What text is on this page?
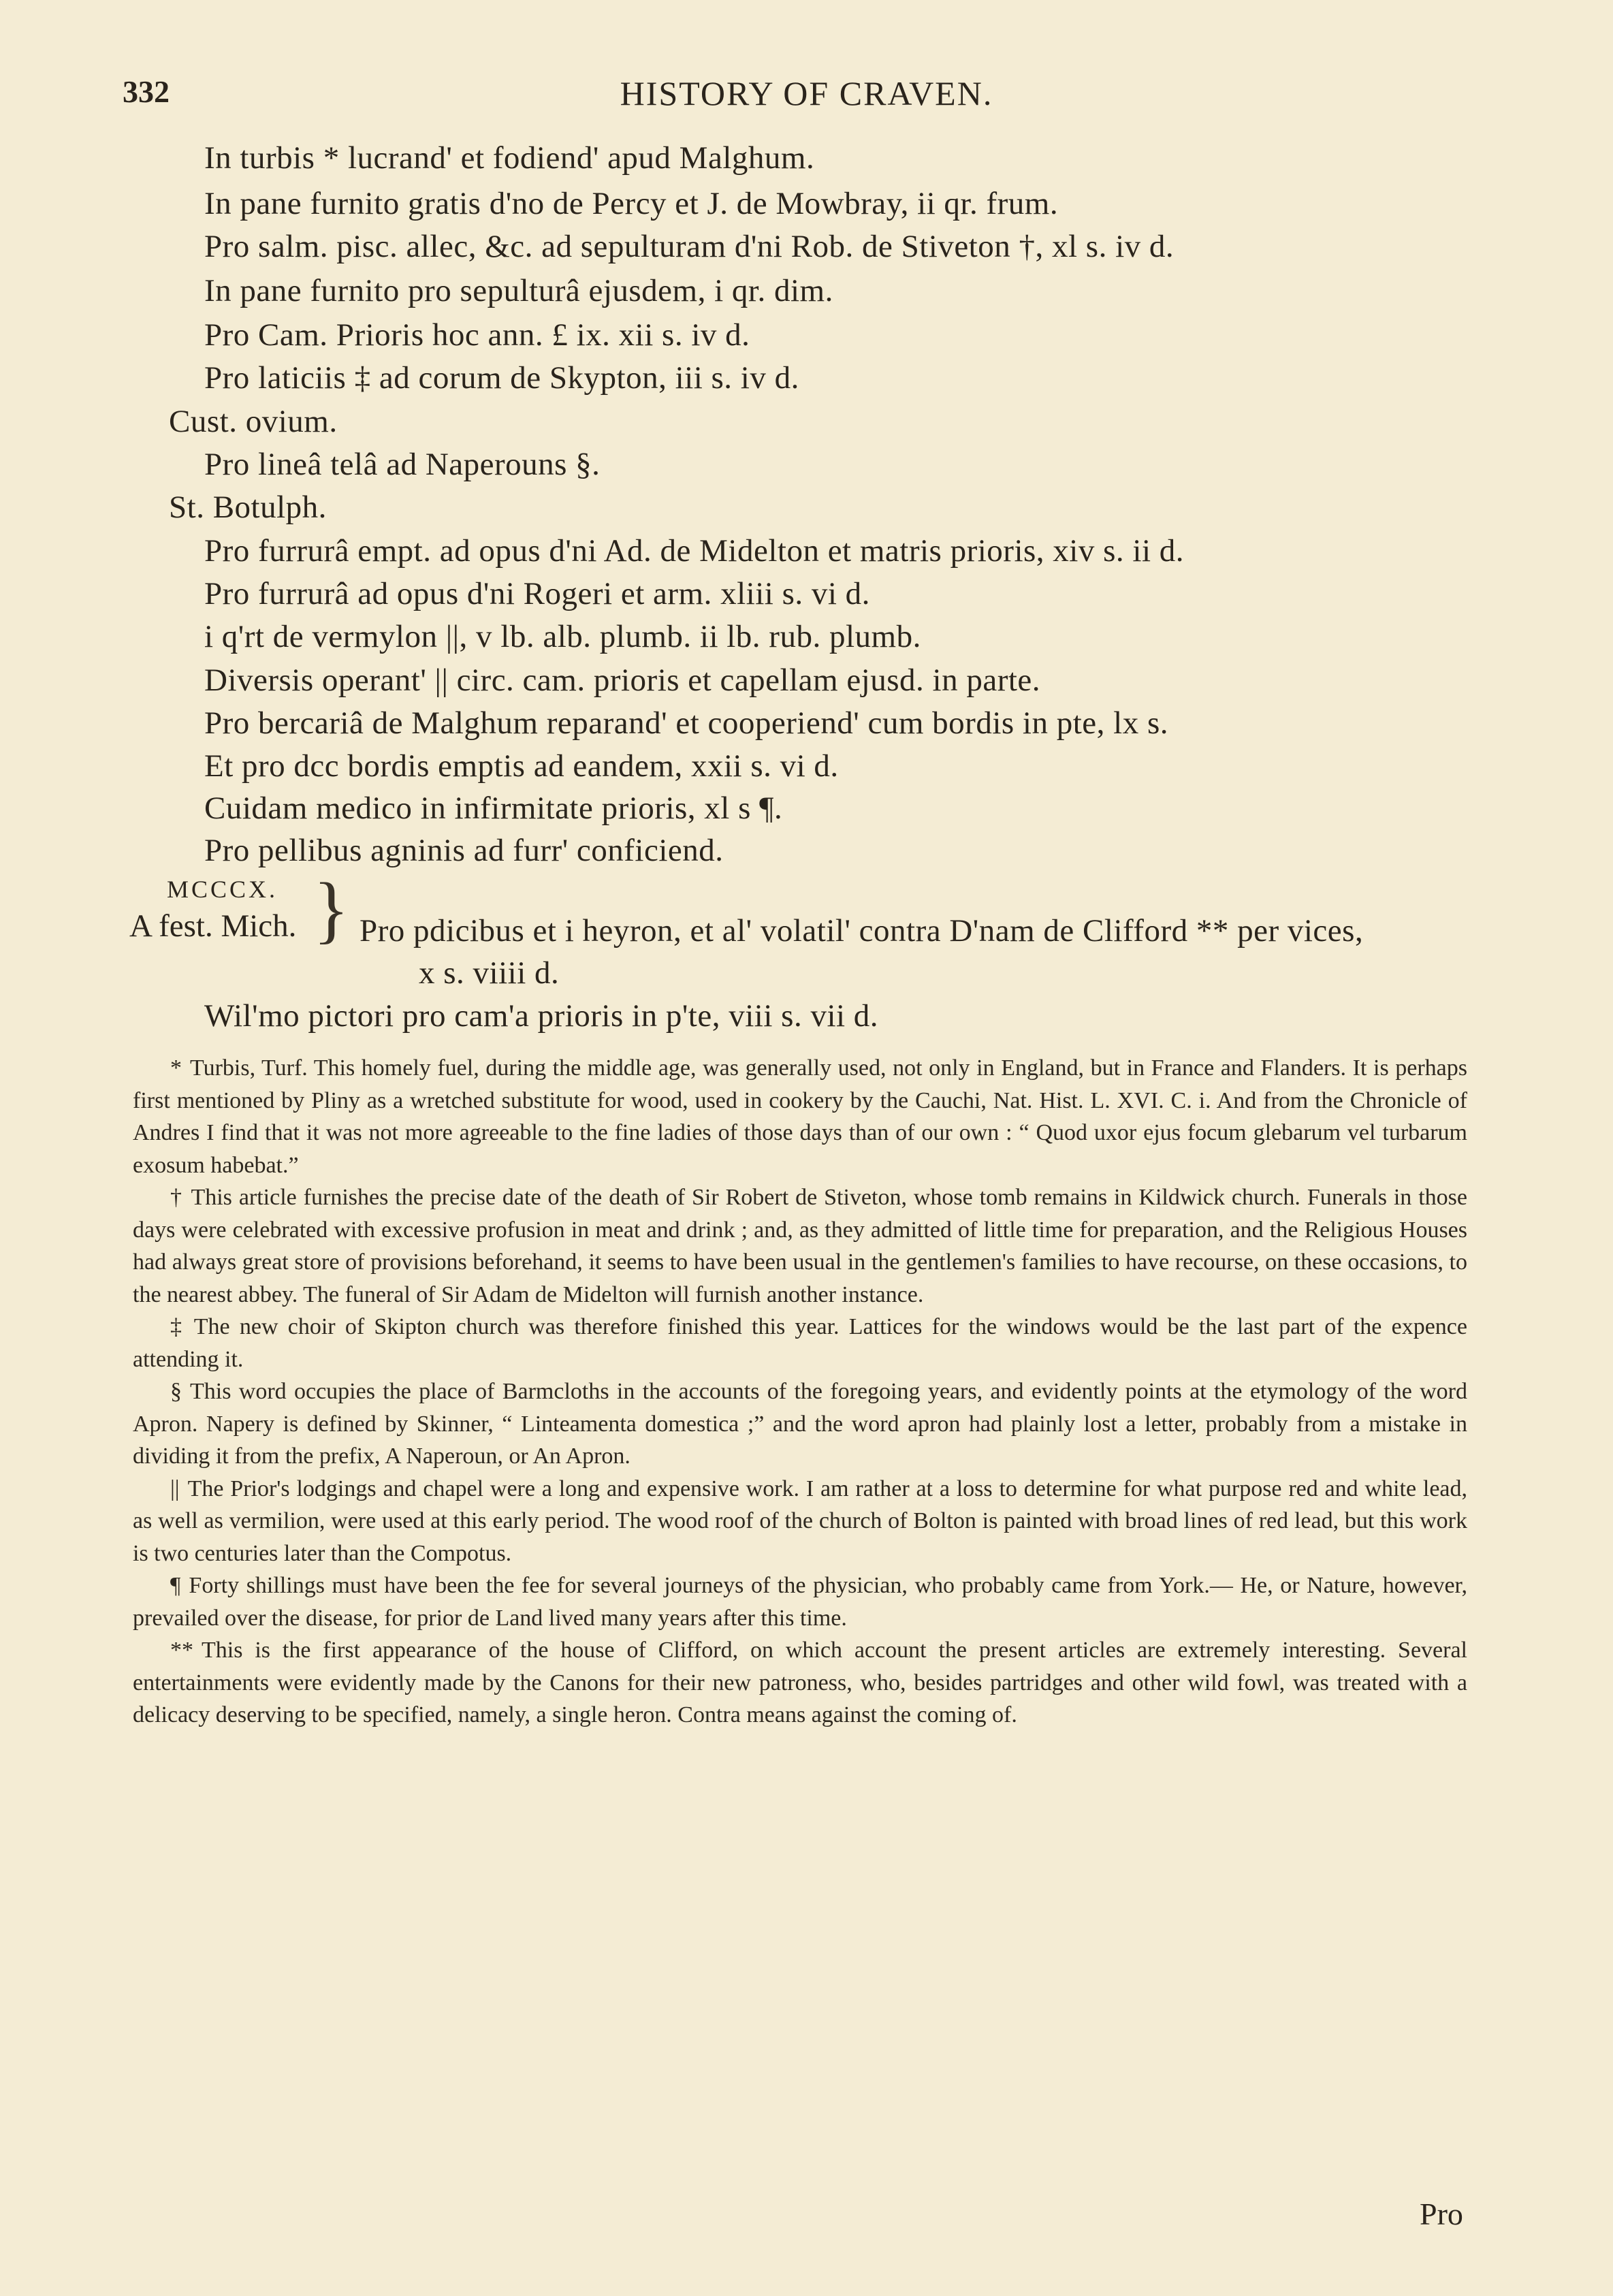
332	HISTORY OF CRAVEN.
In turbis * lucrand' et fodiend' apud Malghum.
In pane furnito gratis d'no de Percy et J. de Mowbray, ii qr. frum.
Pro salm. pisc. allec, &c. ad sepulturam d'ni Rob. de Stiveton †, xl s. iv d.
In pane furnito pro sepulturâ ejusdem, i qr. dim.
Pro Cam. Prioris hoc ann. £ ix. xii s. iv d.
Pro laticiis ‡ ad corum de Skypton, iii s. iv d.
Cust. ovium.
Pro lineâ telâ ad Naperouns §.
St. Botulph.
Pro furrurâ empt. ad opus d'ni Ad. de Midelton et matris prioris, xiv s. ii d.
Pro furrurâ ad opus d'ni Rogeri et arm. xliii s. vi d.
i q'rt de vermylon ||, v lb. alb. plumb. ii lb. rub. plumb.
Diversis operant' || circ. cam. prioris et capellam ejusd. in parte.
Pro bercariâ de Malghum reparand' et cooperiend' cum bordis in pte, lx s.
Et pro dcc bordis emptis ad eandem, xxii s. vi d.
Cuidam medico in infirmitate prioris, xl s ¶.
Pro pellibus agninis ad furr' conficiend.
MCCCX.
A fest. Mich. } Pro pdicibus et i heyron, et al' volatil' contra D'nam de Clifford ** per vices,
x s. viiii d.
Wil'mo pictori pro cam'a prioris in p'te, viii s. vii d.

* Turbis, Turf. This homely fuel, during the middle age, was generally used, not only in England, but in France and Flanders. It is perhaps first mentioned by Pliny as a wretched substitute for wood, used in cookery by the Cauchi, Nat. Hist. L. XVI. C. i. And from the Chronicle of Andres I find that it was not more agreeable to the fine ladies of those days than of our own : “ Quod uxor ejus focum glebarum vel turbarum exosum habebat.”

† This article furnishes the precise date of the death of Sir Robert de Stiveton, whose tomb remains in Kildwick church. Funerals in those days were celebrated with excessive profusion in meat and drink ; and, as they admitted of little time for preparation, and the Religious Houses had always great store of provisions beforehand, it seems to have been usual in the gentlemen's families to have recourse, on these occasions, to the nearest abbey. The funeral of Sir Adam de Midelton will furnish another instance.

‡ The new choir of Skipton church was therefore finished this year. Lattices for the windows would be the last part of the expence attending it.

§ This word occupies the place of Barmcloths in the accounts of the foregoing years, and evidently points at the etymology of the word Apron. Napery is defined by Skinner, “ Linteamenta domestica ;” and the word apron had plainly lost a letter, probably from a mistake in dividing it from the prefix, A Naperoun, or An Apron.

|| The Prior's lodgings and chapel were a long and expensive work. I am rather at a loss to determine for what purpose red and white lead, as well as vermilion, were used at this early period. The wood roof of the church of Bolton is painted with broad lines of red lead, but this work is two centuries later than the Compotus.

¶ Forty shillings must have been the fee for several journeys of the physician, who probably came from York.— He, or Nature, however, prevailed over the disease, for prior de Land lived many years after this time.

** This is the first appearance of the house of Clifford, on which account the present articles are extremely interesting. Several entertainments were evidently made by the Canons for their new patroness, who, besides partridges and other wild fowl, was treated with a delicacy deserving to be specified, namely, a single heron. Contra means against the coming of.

Pro
